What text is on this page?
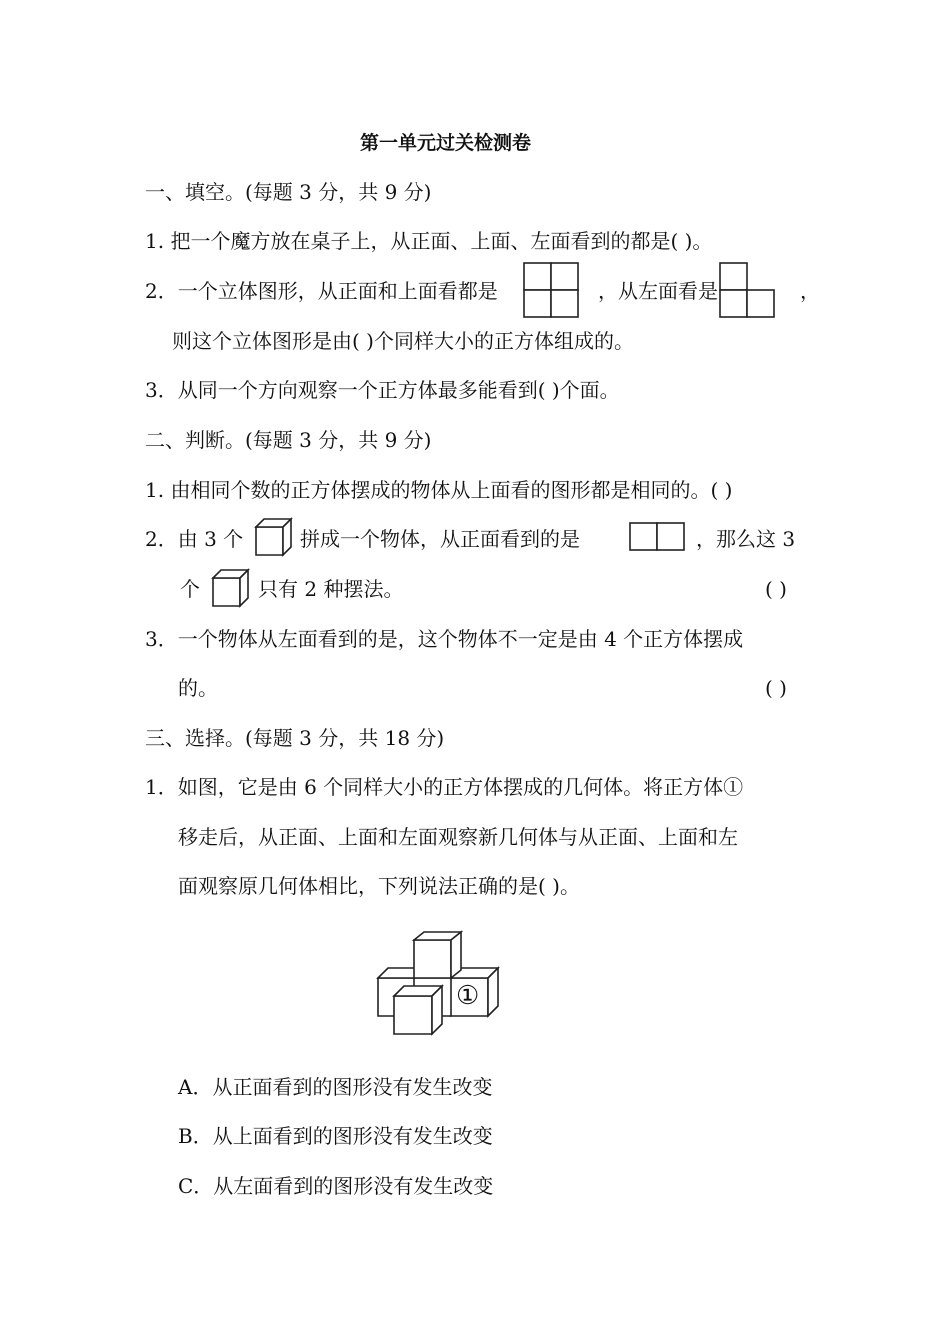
第一单元过关检测卷
一、填空。(每题 3 分，共 9 分)
1. 把一个魔方放在桌子上，从正面、上面、左面看到的都是( )。
2．一个立体图形，从正面和上面看都是	，从左面看是	，
则这个立体图形是由( )个同样大小的正方体组成的。
3．从同一个方向观察一个正方体最多能看到( )个面。
二、判断。(每题 3 分，共 9 分)
1. 由相同个数的正方体摆成的物体从上面看的图形都是相同的。( )
2．由 3 个	拼成一个物体，从正面看到的是	，那么这 3
个	只有 2 种摆法。	( )
3．一个物体从左面看到的是，这个物体不一定是由 4 个正方体摆成
的。	( )
三、选择。(每题 3 分，共 18 分)
1．如图，它是由 6 个同样大小的正方体摆成的几何体。将正方体①
移走后，从正面、上面和左面观察新几何体与从正面、上面和左
面观察原几何体相比，下列说法正确的是( )。
①
A．从正面看到的图形没有发生改变
B．从上面看到的图形没有发生改变
C．从左面看到的图形没有发生改变
